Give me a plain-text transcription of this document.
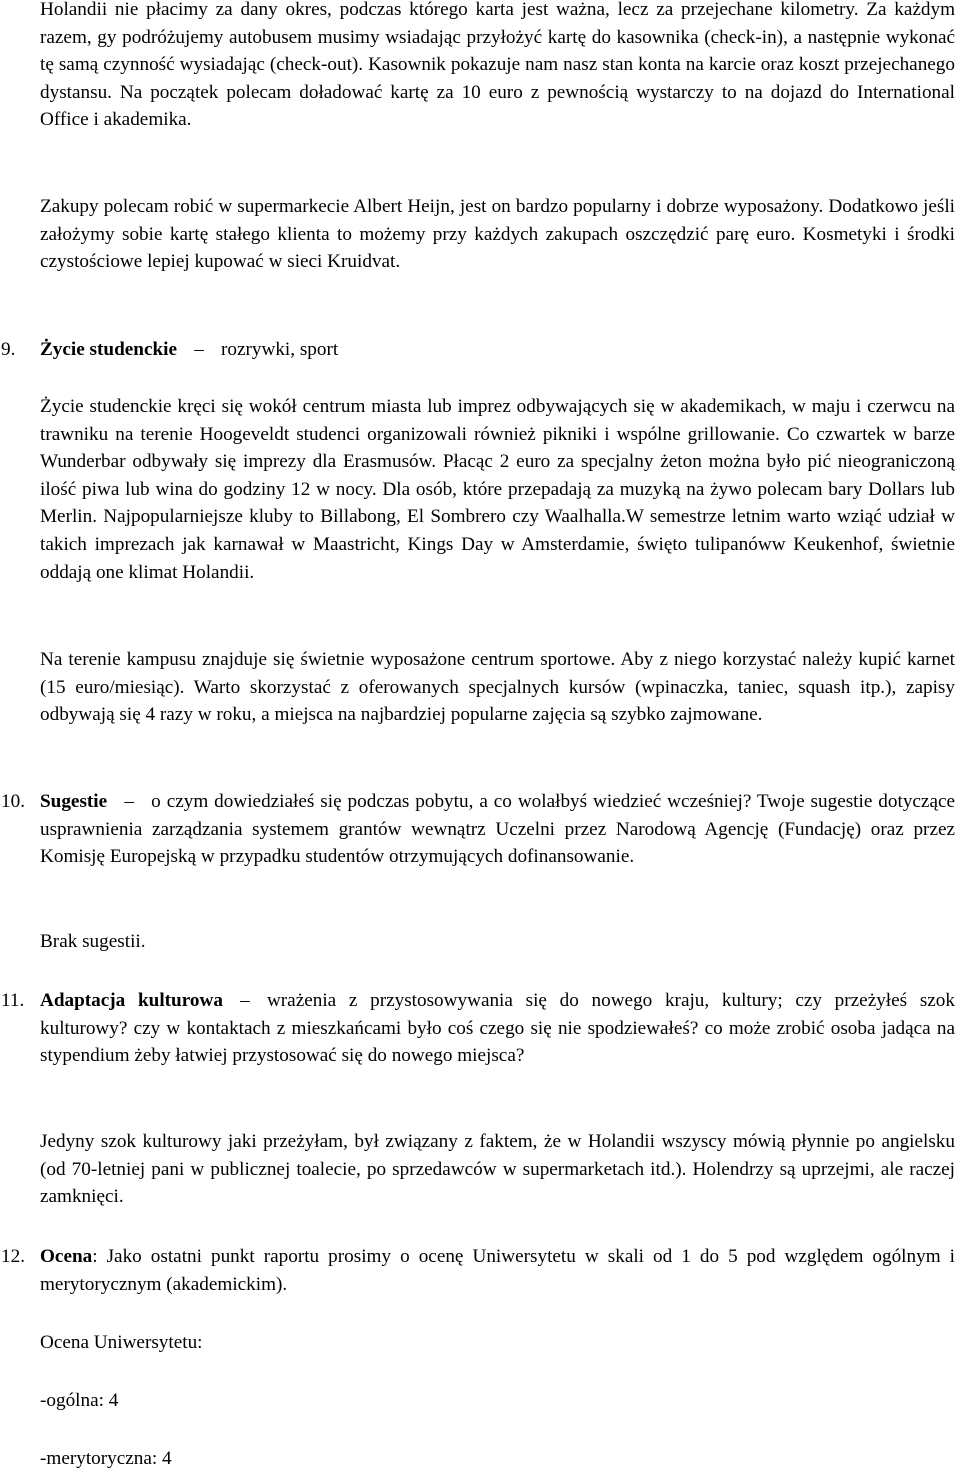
Holandii nie płacimy za dany okres, podczas którego karta jest ważna, lecz za przejechane kilometry. Za każdym razem, gy podróżujemy autobusem musimy wsiadając przyłożyć kartę do kasownika (check-in), a następnie wykonać tę samą czynność wysiadając (check-out). Kasownik pokazuje nam nasz stan konta na karcie oraz koszt przejechanego dystansu. Na początek polecam doładować kartę za 10 euro z pewnością wystarczy to na dojazd do International Office i akademika.

Zakupy polecam robić w supermarkecie Albert Heijn, jest on bardzo popularny i dobrze wyposażony. Dodatkowo jeśli założymy sobie kartę stałego klienta to możemy przy każdych zakupach oszczędzić parę euro. Kosmetyki i środki czystościowe lepiej kupować w sieci Kruidvat.

9. Życie studenckie – rozrywki, sport

Życie studenckie kręci się wokół centrum miasta lub imprez odbywających się w akademikach, w maju i czerwcu na trawniku na terenie Hoogeveldt studenci organizowali również pikniki i wspólne grillowanie. Co czwartek w barze Wunderbar odbywały się imprezy dla Erasmusów. Płacąc 2 euro za specjalny żeton można było pić nieograniczoną ilość piwa lub wina do godziny 12 w nocy. Dla osób, które przepadają za muzyką na żywo polecam bary Dollars lub Merlin. Najpopularniejsze kluby to Billabong, El Sombrero czy Waalhalla.W semestrze letnim warto wziąć udział w takich imprezach jak karnawał w Maastricht, Kings Day w Amsterdamie, święto tulipanóww Keukenhof, świetnie oddają one klimat Holandii.

Na terenie kampusu znajduje się świetnie wyposażone centrum sportowe. Aby z niego korzystać należy kupić karnet (15 euro/miesiąc). Warto skorzystać z oferowanych specjalnych kursów (wpinaczka, taniec, squash itp.), zapisy odbywają się 4 razy w roku, a miejsca na najbardziej popularne zajęcia są szybko zajmowane.

10. Sugestie – o czym dowiedziałeś się podczas pobytu, a co wolałbyś wiedzieć wcześniej? Twoje sugestie dotyczące usprawnienia zarządzania systemem grantów wewnątrz Uczelni przez Narodową Agencję (Fundację) oraz przez Komisję Europejską w przypadku studentów otrzymujących dofinansowanie.

Brak sugestii.

11. Adaptacja kulturowa – wrażenia z przystosowywania się do nowego kraju, kultury; czy przeżyłeś szok kulturowy? czy w kontaktach z mieszkańcami było coś czego się nie spodziewałeś? co może zrobić osoba jadąca na stypendium żeby łatwiej przystosować się do nowego miejsca?

Jedyny szok kulturowy jaki przeżyłam, był związany z faktem, że w Holandii wszyscy mówią płynnie po angielsku (od 70-letniej pani w publicznej toalecie, po sprzedawców w supermarketach itd.). Holendrzy są uprzejmi, ale raczej zamknięci.

12. Ocena: Jako ostatni punkt raportu prosimy o ocenę Uniwersytetu w skali od 1 do 5 pod względem ogólnym i merytorycznym (akademickim).

Ocena Uniwersytetu:

-ogólna: 4

-merytoryczna: 4
